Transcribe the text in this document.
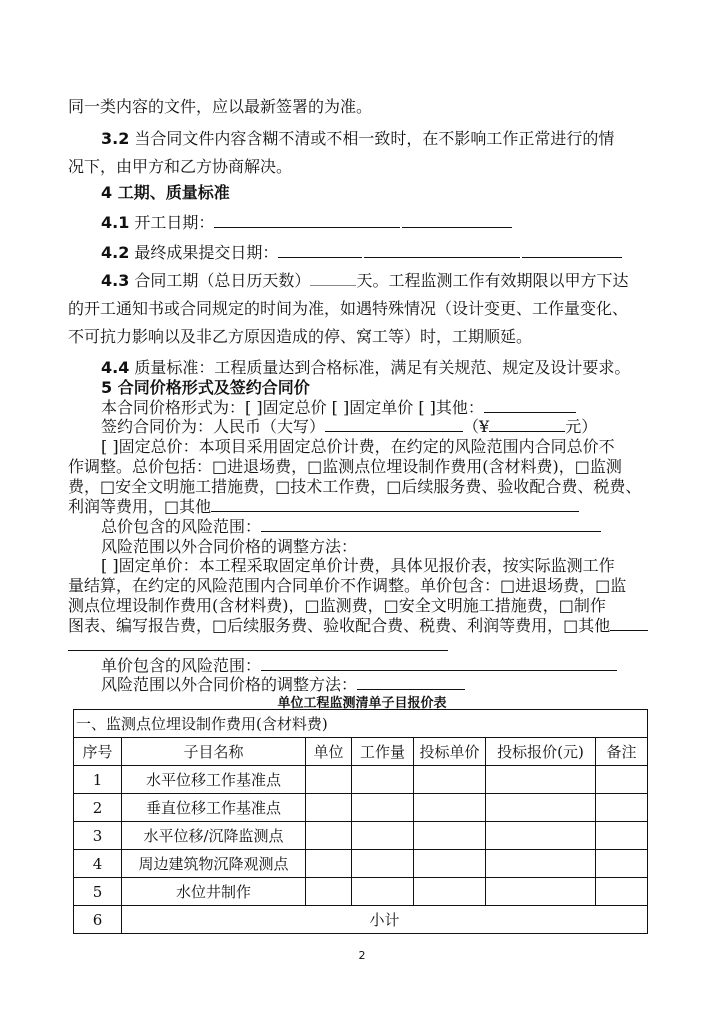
同一类内容的文件，应以最新签署的为准。
3.2 当合同文件内容含糊不清或不相一致时，在不影响工作正常进行的情
况下，由甲方和乙方协商解决。
4 工期、质量标准
4.1 开工日期：
4.2 最终成果提交日期：
4.3 合同工期（总日历天数）	天。工程监测工作有效期限以甲方下达
的开工通知书或合同规定的时间为准，如遇特殊情况（设计变更、工作量变化、
不可抗力影响以及非乙方原因造成的停、窝工等）时，工期顺延。
4.4 质量标准：工程质量达到合格标准，满足有关规范、规定及设计要求。
5 合同价格形式及签约合同价
本合同价格形式为：[ ]固定总价 [ ]固定单价 [ ]其他：
签约合同价为：人民币（大写）	（¥	元）
[ ]固定总价：本项目采用固定总价计费，在约定的风险范围内合同总价不
作调整。总价包括：□进退场费，□监测点位埋设制作费用(含材料费)，□监测
费，□安全文明施工措施费，□技术工作费，□后续服务费、验收配合费、税费、
利润等费用，□其他
总价包含的风险范围：
风险范围以外合同价格的调整方法：
[ ]固定单价：本工程采取固定单价计费，具体见报价表，按实际监测工作
量结算，在约定的风险范围内合同单价不作调整。单价包含：□进退场费，□监
测点位埋设制作费用(含材料费)，□监测费，□安全文明施工措施费，□制作
图表、编写报告费，□后续服务费、验收配合费、税费、利润等费用，□其他
单价包含的风险范围：
风险范围以外合同价格的调整方法：
单位工程监测清单子目报价表
一、监测点位埋设制作费用(含材料费)						
序号	子目名称	单位	工作量	投标单价	投标报价(元)	备注
1	水平位移工作基准点					
2	垂直位移工作基准点					
3	水平位移/沉降监测点					
4	周边建筑物沉降观测点					
5	水位井制作					
6	小计					
2
